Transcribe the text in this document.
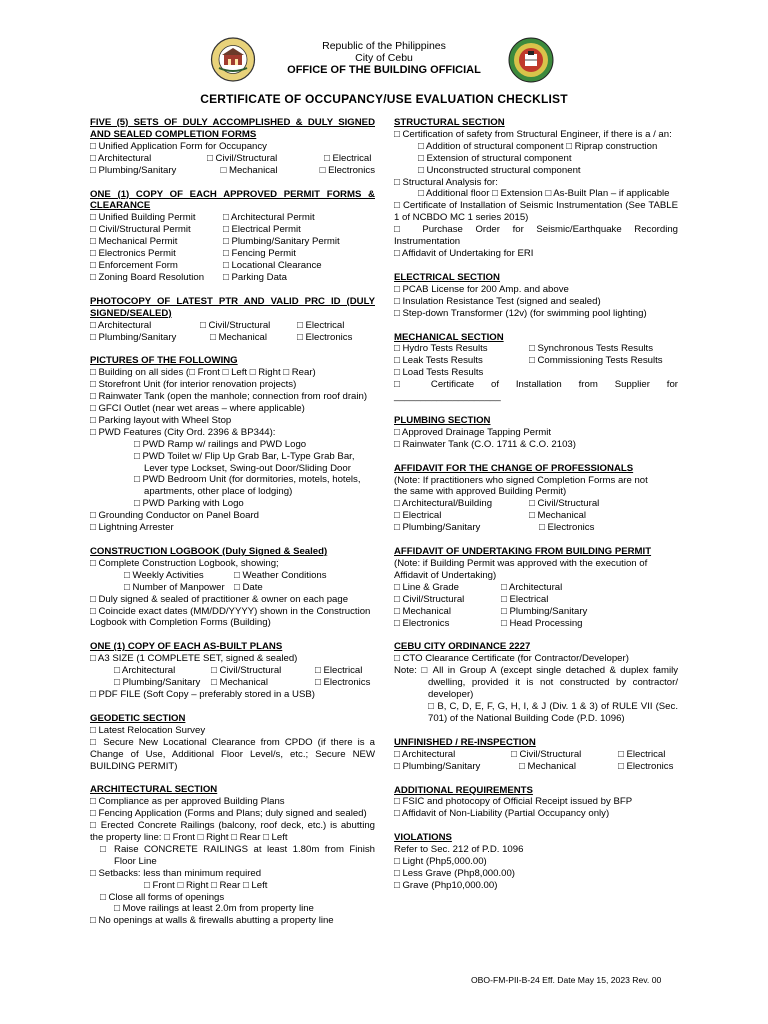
Republic of the Philippines
City of Cebu
OFFICE OF THE BUILDING OFFICIAL
CERTIFICATE OF OCCUPANCY/USE EVALUATION CHECKLIST
FIVE (5) SETS OF DULY ACCOMPLISHED & DULY SIGNED AND SEALED COMPLETION FORMS
□ Unified Application Form for Occupancy
□ Architectural	□ Civil/Structural	□ Electrical
□ Plumbing/Sanitary	□ Mechanical	□ Electronics
ONE (1) COPY OF EACH APPROVED PERMIT FORMS & CLEARANCE
□ Unified Building Permit	□ Architectural Permit
□ Civil/Structural Permit	□ Electrical Permit
□ Mechanical Permit	□ Plumbing/Sanitary Permit
□ Electronics Permit	□ Fencing Permit
□ Enforcement Form	□ Locational Clearance
□ Zoning Board Resolution	□ Parking Data
PHOTOCOPY OF LATEST PTR AND VALID PRC ID (DULY SIGNED/SEALED)
□ Architectural	□ Civil/Structural	□ Electrical
□ Plumbing/Sanitary	□ Mechanical	□ Electronics
PICTURES OF THE FOLLOWING
□ Building on all sides (□ Front □ Left □ Right □ Rear)
□ Storefront Unit (for interior renovation projects)
□ Rainwater Tank (open the manhole; connection from roof drain)
□ GFCI Outlet (near wet areas – where applicable)
□ Parking layout with Wheel Stop
□ PWD Features (City Ord. 2396 & BP344):
□ PWD Ramp w/ railings and PWD Logo
□ PWD Toilet w/ Flip Up Grab Bar, L-Type Grab Bar,
Lever type Lockset, Swing-out Door/Sliding Door
□ PWD Bedroom Unit (for dormitories, motels, hotels,
apartments, other place of lodging)
□ PWD Parking with Logo
□ Grounding Conductor on Panel Board
□ Lightning Arrester
CONSTRUCTION LOGBOOK (Duly Signed & Sealed)
□ Complete Construction Logbook, showing;
□ Weekly Activities	□ Weather Conditions
□ Number of Manpower □ Date
□ Duly signed & sealed of practitioner & owner on each page
□ Coincide exact dates (MM/DD/YYYY) shown in the Construction
Logbook with Completion Forms (Building)
ONE (1) COPY OF EACH AS-BUILT PLANS
□ A3 SIZE (1 COMPLETE SET, signed & sealed)
□ Architectural	□ Civil/Structural	□ Electrical
□ Plumbing/Sanitary	□ Mechanical	□ Electronics
□ PDF FILE (Soft Copy – preferably stored in a USB)
GEODETIC SECTION
□ Latest Relocation Survey
□ Secure New Locational Clearance from CPDO (if there is a Change of Use, Additional Floor Level/s, etc.; Secure NEW BUILDING PERMIT)
ARCHITECTURAL SECTION
□ Compliance as per approved Building Plans
□ Fencing Application (Forms and Plans; duly signed and sealed)
□ Erected Concrete Railings (balcony, roof deck, etc.) is abutting
the property line: □ Front □ Right □ Rear □ Left
□ Raise CONCRETE RAILINGS at least 1.80m from Finish
Floor Line
□ Setbacks: less than minimum required
□ Front □ Right □ Rear □ Left
□ Close all forms of openings
□ Move railings at least 2.0m from property line
□ No openings at walls & firewalls abutting a property line
STRUCTURAL SECTION
□ Certification of safety from Structural Engineer, if there is a / an:
□ Addition of structural component □ Riprap construction
□ Extension of structural component
□ Unconstructed structural component
□ Structural Analysis for:
□ Additional floor □ Extension □ As-Built Plan – if applicable
□ Certificate of Installation of Seismic Instrumentation (See TABLE 1 of NCBDO MC 1 series 2015)
□ Purchase Order for Seismic/Earthquake Recording Instrumentation
□ Affidavit of Undertaking for ERI
ELECTRICAL SECTION
□ PCAB License for 200 Amp. and above
□ Insulation Resistance Test (signed and sealed)
□ Step-down Transformer (12v) (for swimming pool lighting)
MECHANICAL SECTION
□ Hydro Tests Results	□ Synchronous Tests Results
□ Leak Tests Results	□ Commissioning Tests Results
□ Load Tests Results
□ Certificate of Installation from Supplier for
____________________
PLUMBING SECTION
□ Approved Drainage Tapping Permit
□ Rainwater Tank (C.O. 1711 & C.O. 2103)
AFFIDAVIT FOR THE CHANGE OF PROFESSIONALS
(Note: If practitioners who signed Completion Forms are not
the same with approved Building Permit)
□ Architectural/Building	□ Civil/Structural
□ Electrical	□ Mechanical
□ Plumbing/Sanitary	□ Electronics
AFFIDAVIT OF UNDERTAKING FROM BUILDING PERMIT
(Note: if Building Permit was approved with the execution of
Affidavit of Undertaking)
□ Line & Grade	□ Architectural
□ Civil/Structural	□ Electrical
□ Mechanical	□ Plumbing/Sanitary
□ Electronics	□ Head Processing
CEBU CITY ORDINANCE 2227
□ CTO Clearance Certificate (for Contractor/Developer)
Note: □ All in Group A (except single detached & duplex family
dwelling, provided it is not constructed by contractor/
developer)
□ B, C, D, E, F, G, H, I, & J (Div. 1 & 3) of RULE VII (Sec.
701) of the National Building Code (P.D. 1096)
UNFINISHED / RE-INSPECTION
□ Architectural	□ Civil/Structural	□ Electrical
□ Plumbing/Sanitary	□ Mechanical	□ Electronics
ADDITIONAL REQUIREMENTS
□ FSIC and photocopy of Official Receipt issued by BFP
□ Affidavit of Non-Liability (Partial Occupancy only)
VIOLATIONS
Refer to Sec. 212 of P.D. 1096
□ Light (Php5,000.00)
□ Less Grave (Php8,000.00)
□ Grave (Php10,000.00)
OBO-FM-PII-B-24 Eff. Date May 15, 2023 Rev. 00
